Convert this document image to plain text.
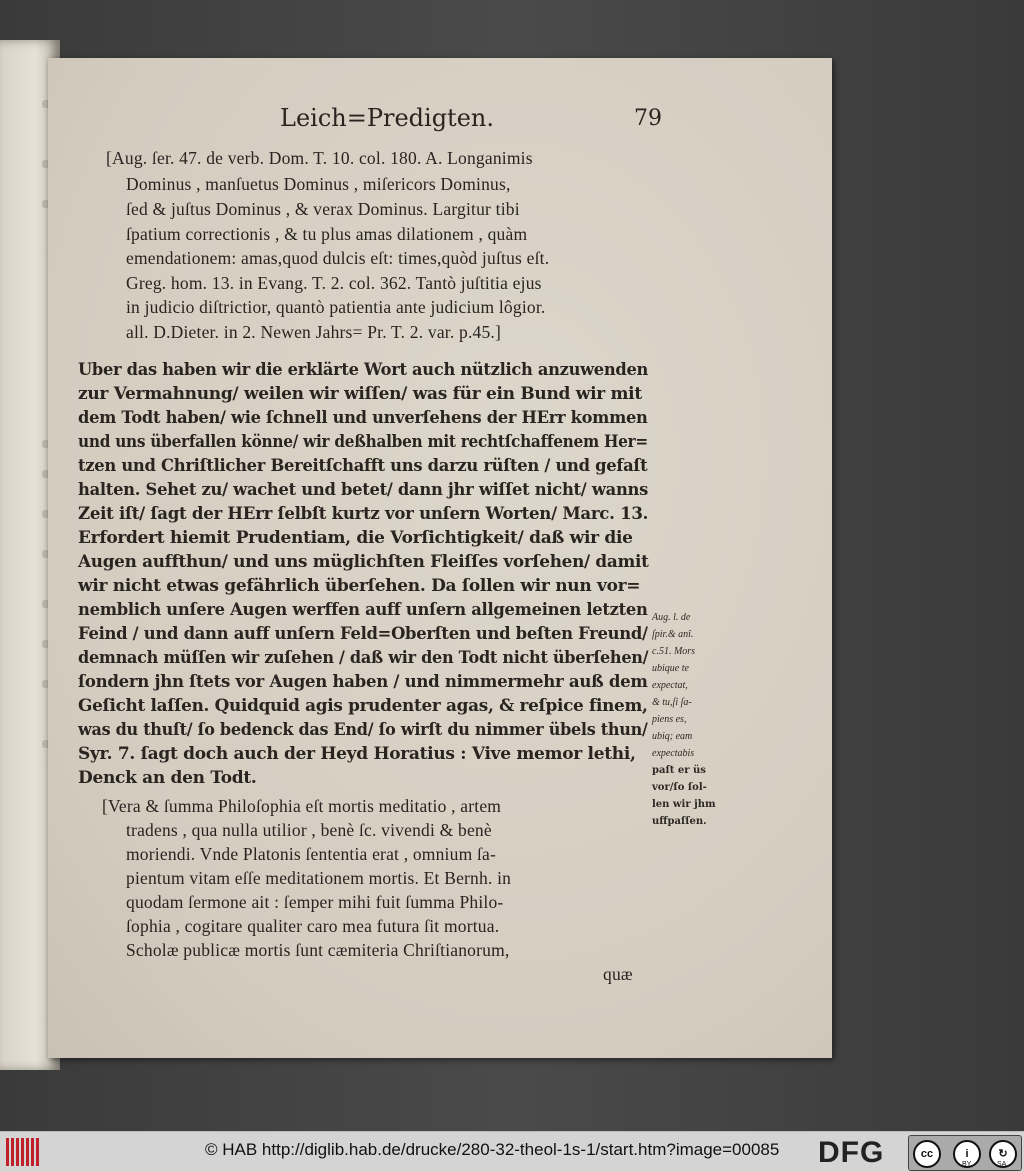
Leich=Predigten.	79
[Aug. ſer. 47. de verb. Dom. T. 10. col. 180. A. Longanimis
Dominus , manſuetus Dominus , miſericors Dominus,
ſed & juſtus Dominus , & verax Dominus. Largitur tibi
ſpatium correctionis , & tu plus amas dilationem , quàm
emendationem: amas,quod dulcis eſt: times,quòd juſtus eſt.
Greg. hom. 13. in Evang. T. 2. col. 362. Tantò juſtitia ejus
in judicio diſtrictior, quantò patientia ante judicium lôgior.
all. D.Dieter. in 2. Newen Jahrs= Pr. T. 2. var. p.45.]
Uber das haben wir die erklärte Wort auch nützlich anzuwenden
zur Vermahnung/ weilen wir wiſſen/ was für ein Bund wir mit
dem Todt haben/ wie ſchnell und unverſehens der HErr kommen
und uns überfallen könne/ wir deßhalben mit rechtſchaffenem Her=
tzen und Chriſtlicher Bereitſchafft uns darzu rüſten / und gefaſt
halten. Sehet zu/ wachet und betet/ dann jhr wiſſet nicht/ wanns
Zeit iſt/ ſagt der HErr ſelbſt kurtz vor unſern Worten/ Marc. 13.
Erfordert hiemit Prudentiam, die Vorſichtigkeit/ daß wir die
Augen auffthun/ und uns müglichſten Fleiſſes vorſehen/ damit
wir nicht etwas gefährlich überſehen. Da ſollen wir nun vor=
nemblich unſere Augen werffen auff unſern allgemeinen letzten
Feind / und dann auff unſern Feld=Oberſten und beſten Freund/
demnach müſſen wir zuſehen / daß wir den Todt nicht überſehen/
ſondern jhn ſtets vor Augen haben / und nimmermehr auß dem
Geſicht laſſen. Quidquid agis prudenter agas, & reſpice finem,
was du thuſt/ ſo bedenck das End/ ſo wirſt du nimmer übels thun/
Syr. 7. ſagt doch auch der Heyd Horatius : Vive memor lethi,
Denck an den Todt.
[Vera & ſumma Philoſophia eſt mortis meditatio , artem
tradens , qua nulla utilior , benè ſc. vivendi & benè
moriendi. Vnde Platonis ſententia erat , omnium ſa-
pientum vitam eſſe meditationem mortis. Et Bernh. in
quodam ſermone ait : ſemper mihi fuit ſumma Philo-
ſophia , cogitare qualiter caro mea futura ſit mortua.
Scholæ publicæ mortis ſunt cæmiteria Chriſtianorum,
Aug. l. de
ſpir.& anî.
c.51. Mors
ubique te
expectat,
& tu,ſi ſa-
piens es,
ubiq; eam
expectabis
paſt er üs
vor/ſo ſol-
len wir jhm
uffpaſſen.
quæ
© HAB http://diglib.hab.de/drucke/280-32-theol-1s-1/start.htm?image=00085 DFG	cc	i	↻
BY	SA
